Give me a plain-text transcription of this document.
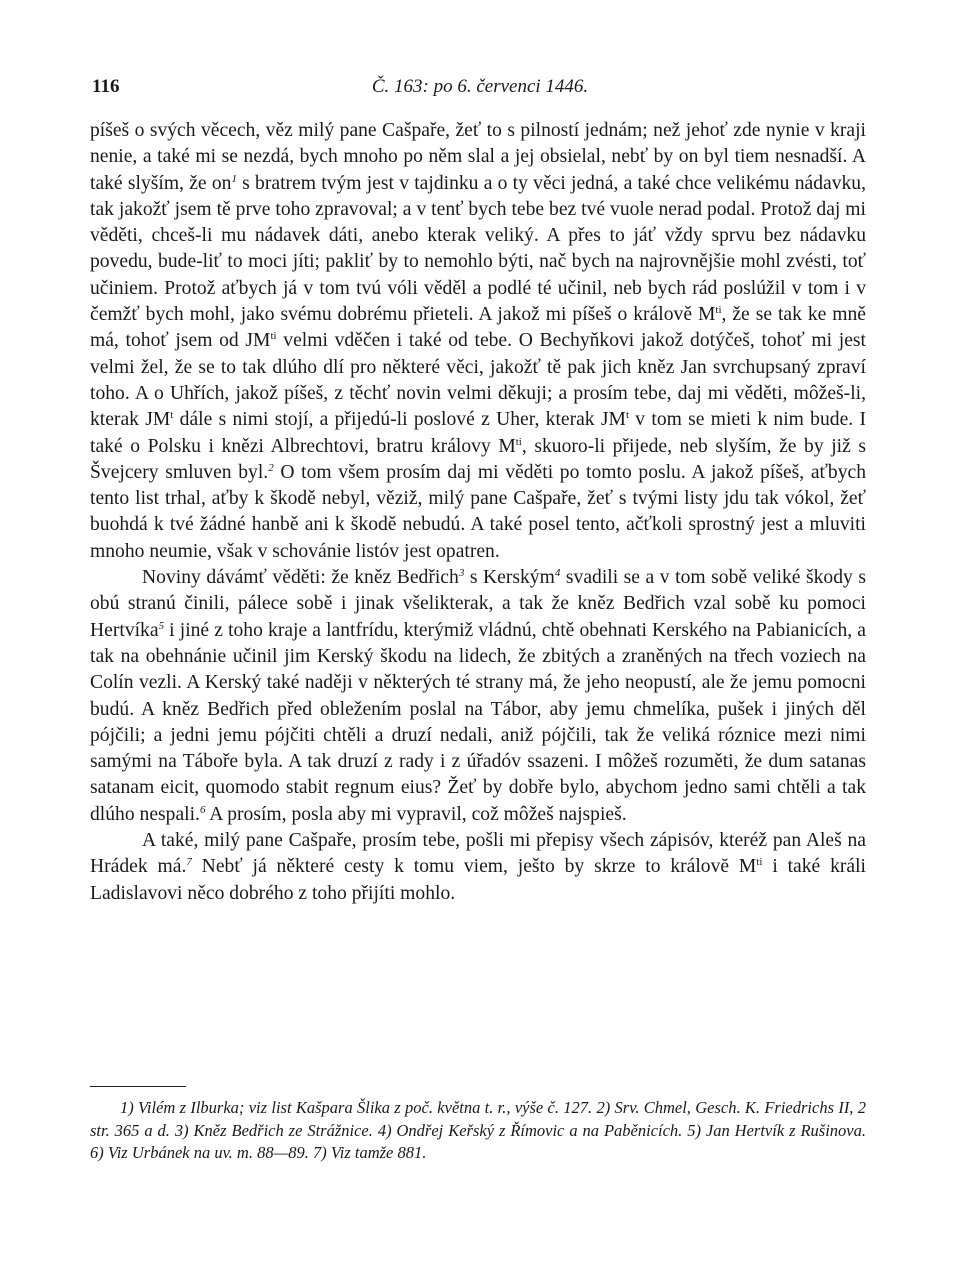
116	Č. 163: po 6. červenci 1446.

píšeš o svých věcech, věz milý pane Cašpaře, žeť to s pilností jednám; než jehoť zde nynie v kraji nenie, a také mi se nezdá, bych mnoho po něm slal a jej obsielal, nebť by on byl tiem nesnadší. A také slyším, že $on^1$ s bratrem tvým jest v tajdinku a o ty věci jedná, a také chce velikému nádavku, tak jakožť jsem tě prve toho zpravoval; a v tenť bych tebe bez tvé vuole nerad podal. Protož daj mi věděti, chceš-li mu nádavek dáti, anebo kterak veliký. A přes to jáť vždy sprvu bez nádavku povedu, bude-liť to moci jíti; pakliť by to nemohlo býti, nač bych na najrovnějšie mohl zvésti, toť učiniem. Protož aťbych já v tom tvú vóli věděl a podlé té učinil, neb bych rád poslúžil v tom i v čemžť bych mohl, jako svému dobrému přieteli. A jakož mi píšeš o králově $M^{ti}$, že se tak ke mně má, tohoť jsem od $JM^{ti}$ velmi vděčen i také od tebe. O Bechyňkovi jakož dotýčeš, tohoť mi jest velmi žel, že se to tak dlúho dlí pro některé věci, jakožť tě pak jich kněz Jan svrchupsaný zpraví toho. A o Uhřích, jakož píšeš, z těchť novin velmi děkuji; a prosím tebe, daj mi věděti, môžeš-li, kterak $JM^t$ dále s nimi stojí, a přijedú-li poslové z Uher, kterak $JM^t$ v tom se mieti k nim bude. I také o Polsku i knězi Albrechtovi, bratru královy $M^{ti}$, skuoro-li přijede, neb slyším, že by již s Švejcery smluven byl.$^2$ O tom všem prosím daj mi věděti po tomto poslu. A jakož píšeš, aťbych tento list trhal, aťby k škodě nebyl, věziž, milý pane Cašpaře, žeť s tvými listy jdu tak vókol, žeť buohdá k tvé žádné hanbě ani k škodě nebudú. A také posel tento, ačťkoli sprostný jest a mluviti mnoho neumie, však v schovánie listóv jest opatren.

Noviny dávámť věděti: že kněz Bedřich$^3$ s Kerským$^4$ svadili se a v tom sobě veliké škody s obú stranú činili, pálece sobě i jinak všelikterak, a tak že kněz Bedřich vzal sobě ku pomoci Hertvíka$^5$ i jiné z toho kraje a lantfrídu, kterýmiž vládnú, chtě obehnati Kerského na Pabianicích, a tak na obehnánie učinil jim Kerský škodu na lidech, že zbitých a zraněných na třech voziech na Colín vezli. A Kerský také naději v některých té strany má, že jeho neopustí, ale že jemu pomocni budú. A kněz Bedřich před obležením poslal na Tábor, aby jemu chmelíka, pušek i jiných děl pójčili; a jedni jemu pójčiti chtěli a druzí nedali, aniž pójčili, tak že veliká róznice mezi nimi samými na Táboře byla. A tak druzí z rady i z úřadóv ssazeni. I môžeš rozuměti, že dum satanas satanam eicit, quomodo stabit regnum eius? Žeť by dobře bylo, abychom jedno sami chtěli a tak dlúho nespali.$^6$ A prosím, posla aby mi vypravil, což môžeš najspieš.

A také, milý pane Cašpaře, prosím tebe, pošli mi přepisy všech zápisóv, kteréž pan Aleš na Hrádek má.$^7$ Nebť já některé cesty k tomu viem, ješto by skrze to královĕ $M^{ti}$ i také králi Ladislavovi něco dobrého z toho přijíti mohlo.

1) Vilém z Ilburka; viz list Kašpara Šlika z poč. května t. r., výše č. 127. 2) Srv. Chmel, Gesch. K. Friedrichs II, 2 str. 365 a d. 3) Kněz Bedřich ze Strážnice. 4) Ondřej Keřský z Římovic a na Paběnicích. 5) Jan Hertvík z Rušinova. 6) Viz Urbánek na uv. m. 88—89. 7) Viz tamže 881.
